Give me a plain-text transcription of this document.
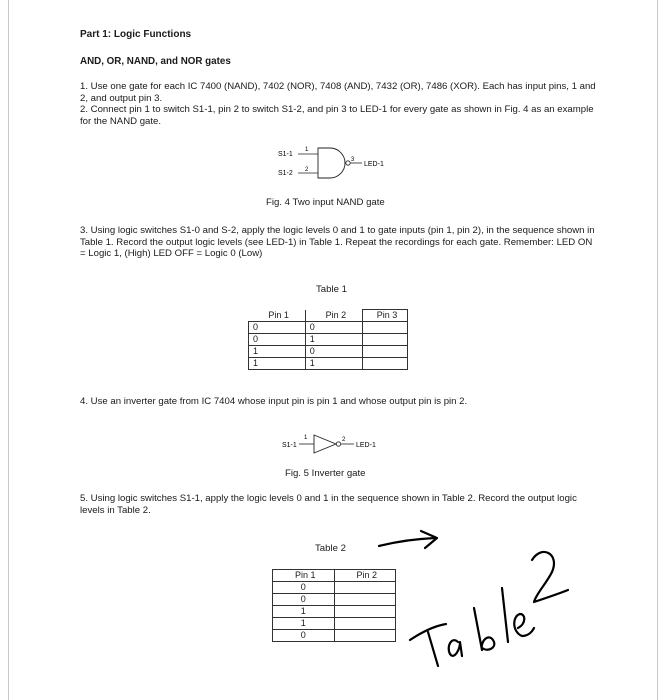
Part 1: Logic Functions
AND, OR, NAND, and NOR gates
1. Use one gate for each IC 7400 (NAND), 7402 (NOR), 7408 (AND), 7432 (OR), 7486 (XOR). Each has input pins, 1 and 2, and output pin 3.
2. Connect pin 1 to switch S1-1, pin 2 to switch S1-2, and pin 3 to LED-1 for every gate as shown in Fig. 4 as an example for the NAND gate.
S1-1
S1-2
1
2
3
LED-1
Fig. 4 Two input NAND gate
3. Using logic switches S1-0 and S-2, apply the logic levels 0 and 1 to gate inputs (pin 1, pin 2), in the sequence shown in Table 1. Record the output logic levels (see LED-1) in Table 1. Repeat the recordings for each gate. Remember: LED ON = Logic 1, (High) LED OFF = Logic 0 (Low)
Table 1
Pin 1	Pin 2	Pin 3
0	0	
0	1	
1	0	
1	1	
4. Use an inverter gate from IC 7404 whose input pin is pin 1 and whose output pin is pin 2.
S1-1
1	2
LED-1
Fig. 5 Inverter gate
5. Using logic switches S1-1, apply the logic levels 0 and 1 in the sequence shown in Table 2. Record the output logic levels in Table 2.
Table 2
Pin 1	Pin 2
0	
0	
1	
1	
0	
